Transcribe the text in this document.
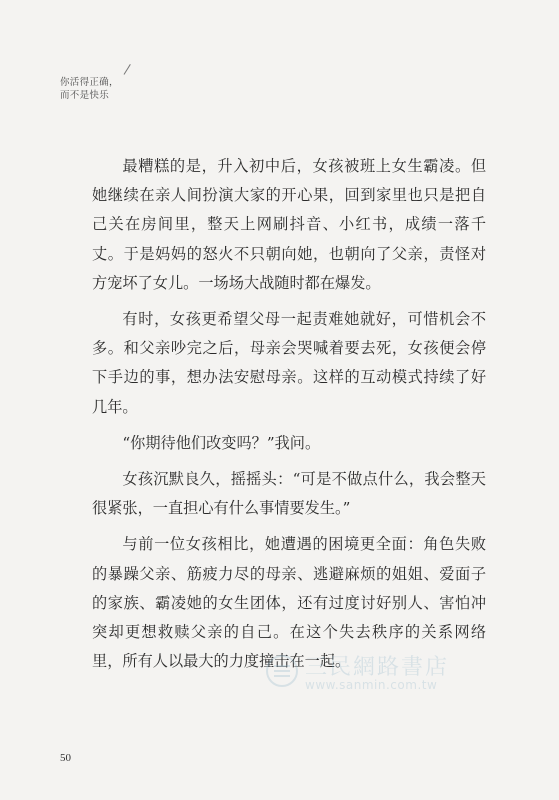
你活得正确，
而不是快乐

最糟糕的是，升入初中后，女孩被班上女生霸凌。但她继续在亲人间扮演大家的开心果，回到家里也只是把自己关在房间里，整天上网刷抖音、小红书，成绩一落千丈。于是妈妈的怒火不只朝向她，也朝向了父亲，责怪对方宠坏了女儿。一场场大战随时都在爆发。

有时，女孩更希望父母一起责难她就好，可惜机会不多。和父亲吵完之后，母亲会哭喊着要去死，女孩便会停下手边的事，想办法安慰母亲。这样的互动模式持续了好几年。

“你期待他们改变吗？”我问。

女孩沉默良久，摇摇头：“可是不做点什么，我会整天很紧张，一直担心有什么事情要发生。”

与前一位女孩相比，她遭遇的困境更全面：角色失败的暴躁父亲、筋疲力尽的母亲、逃避麻烦的姐姐、爱面子的家族、霸凌她的女生团体，还有过度讨好别人、害怕冲突却更想救赎父亲的自己。在这个失去秩序的关系网络里，所有人以最大的力度撞击在一起。

三民網路書店
www.sanmin.com.tw
50
